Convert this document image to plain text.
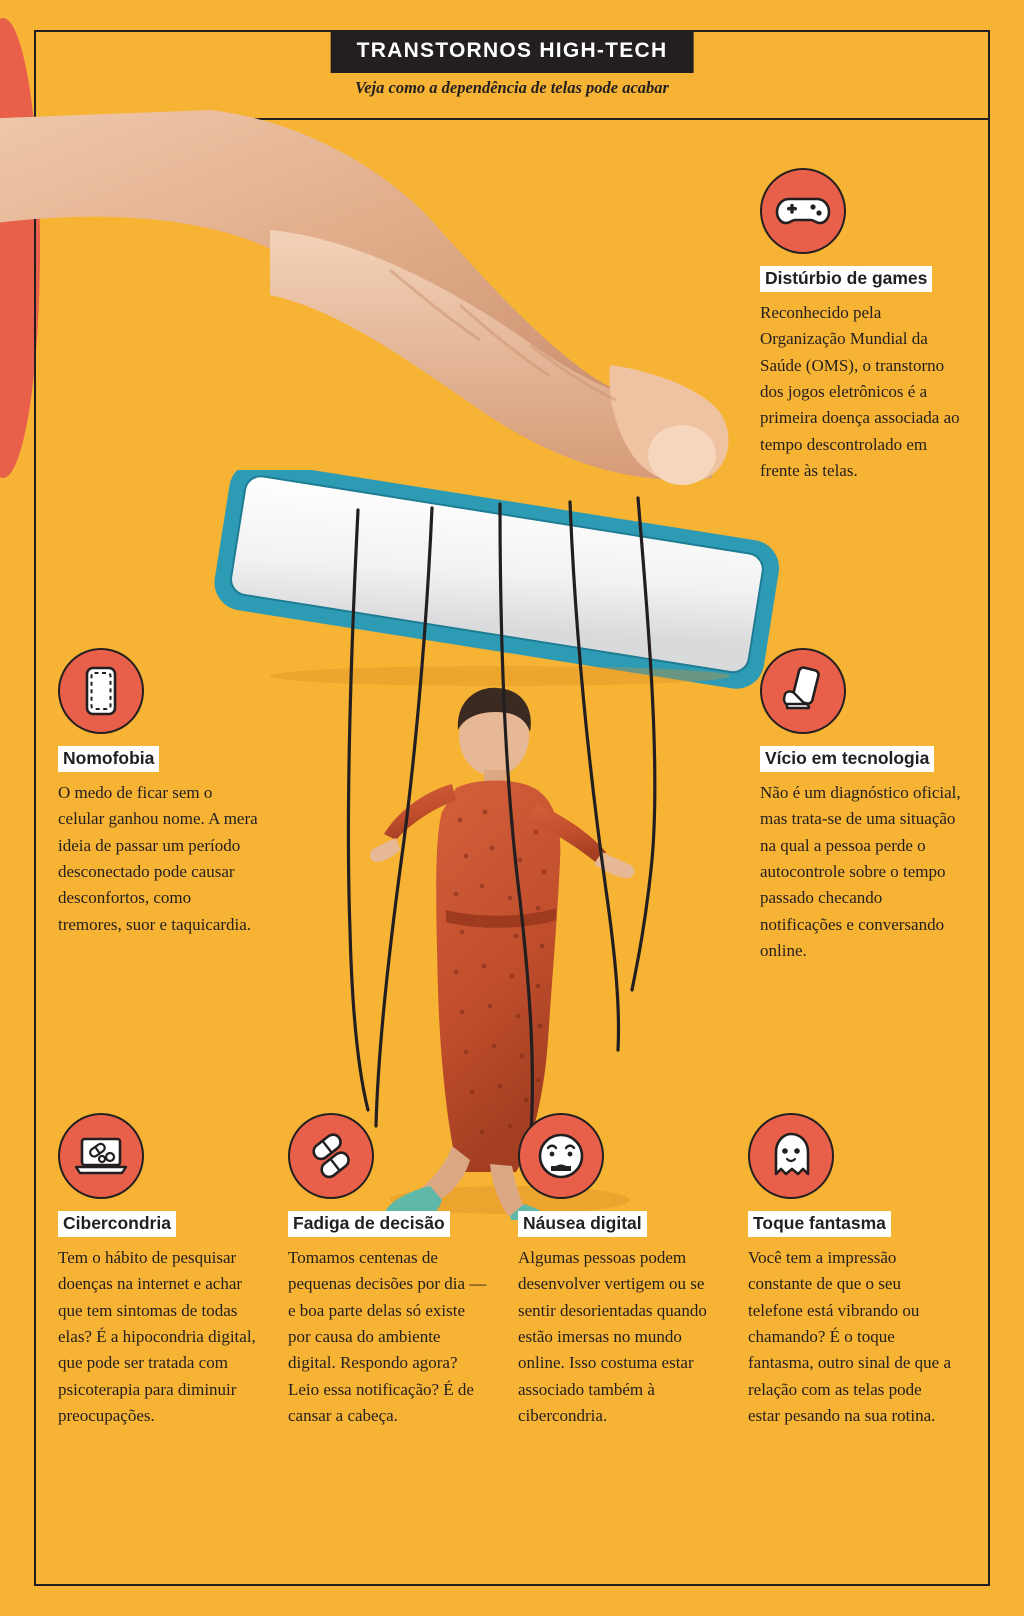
TRANSTORNOS HIGH-TECH
Veja como a dependência de telas pode acabar
Distúrbio de games
Reconhecido pela Organização Mundial da Saúde (OMS), o transtorno dos jogos eletrônicos é a primeira doença associada ao tempo descontrolado em frente às telas.
Nomofobia
O medo de ficar sem o celular ganhou nome. A mera ideia de passar um período desconectado pode causar desconfortos, como tremores, suor e taquicardia.
Vício em tecnologia
Não é um diagnóstico oficial, mas trata-se de uma situação na qual a pessoa perde o autocontrole sobre o tempo passado checando notificações e conversando online.
Cibercondria
Tem o hábito de pesquisar doenças na internet e achar que tem sintomas de todas elas? É a hipocondria digital, que pode ser tratada com psicoterapia para diminuir preocupações.
Fadiga de decisão
Tomamos centenas de pequenas decisões por dia — e boa parte delas só existe por causa do ambiente digital. Respondo agora? Leio essa notificação? É de cansar a cabeça.
Náusea digital
Algumas pessoas podem desenvolver vertigem ou se sentir desorientadas quando estão imersas no mundo online. Isso costuma estar associado também à cibercondria.
Toque fantasma
Você tem a impressão constante de que o seu telefone está vibrando ou chamando? É o toque fantasma, outro sinal de que a relação com as telas pode estar pesando na sua rotina.
